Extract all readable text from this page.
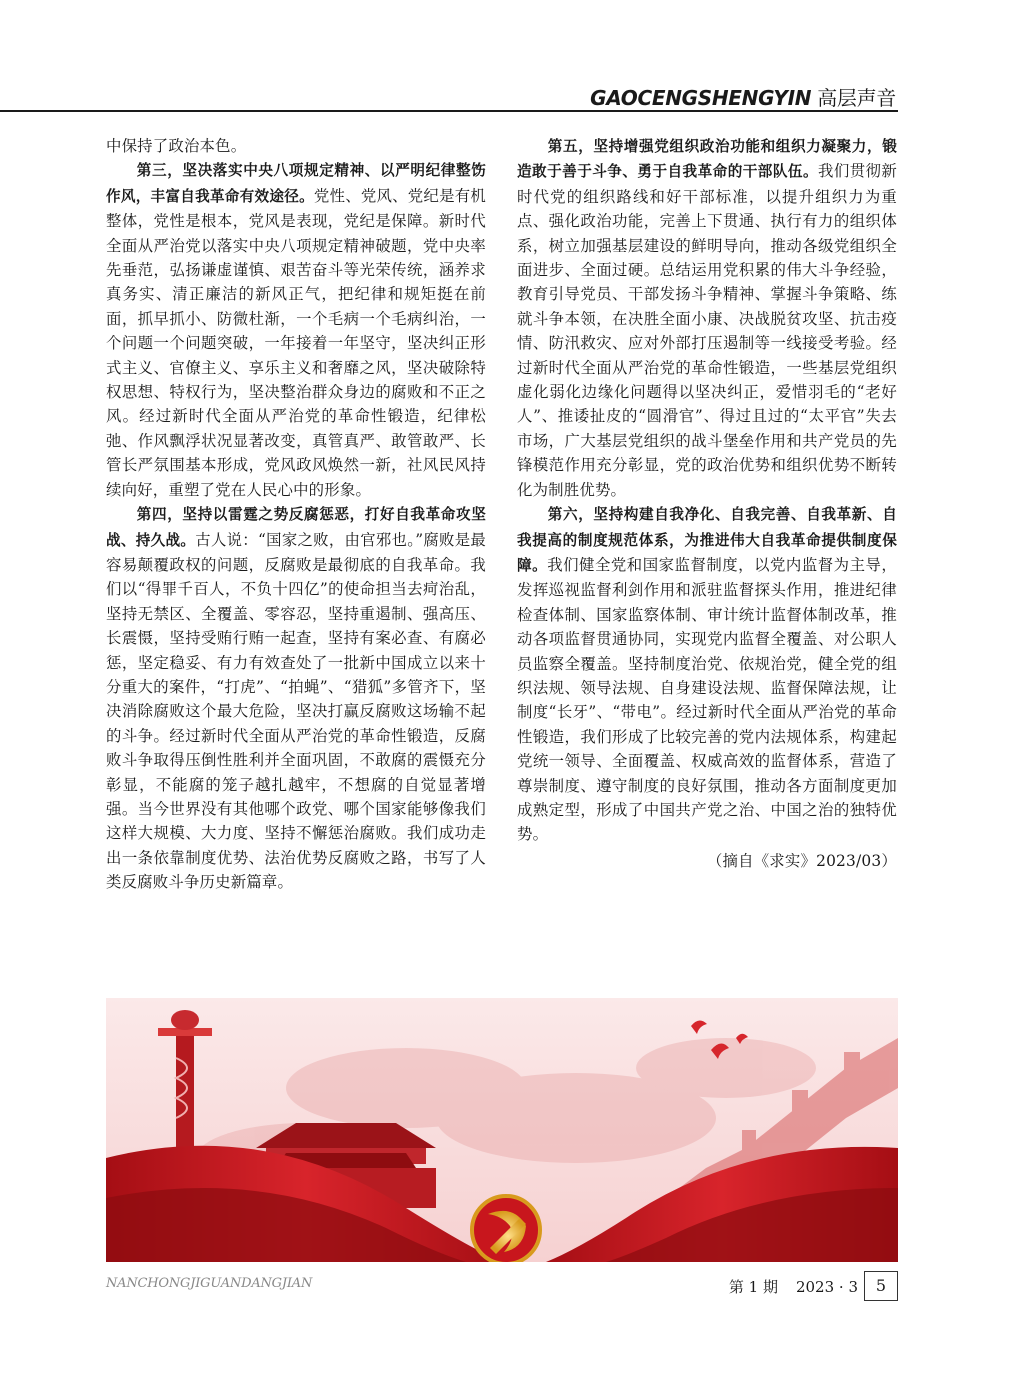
GAOCENGSHENGYIN 高层声音

中保持了政治本色。

第三，坚决落实中央八项规定精神、以严明纪律整饬作风，丰富自我革命有效途径。党性、党风、党纪是有机整体，党性是根本，党风是表现，党纪是保障。新时代全面从严治党以落实中央八项规定精神破题，党中央率先垂范，弘扬谦虚谨慎、艰苦奋斗等光荣传统，涵养求真务实、清正廉洁的新风正气，把纪律和规矩挺在前面，抓早抓小、防微杜渐，一个毛病一个毛病纠治，一个问题一个问题突破，一年接着一年坚守，坚决纠正形式主义、官僚主义、享乐主义和奢靡之风，坚决破除特权思想、特权行为，坚决整治群众身边的腐败和不正之风。经过新时代全面从严治党的革命性锻造，纪律松弛、作风飘浮状况显著改变，真管真严、敢管敢严、长管长严氛围基本形成，党风政风焕然一新，社风民风持续向好，重塑了党在人民心中的形象。

第四，坚持以雷霆之势反腐惩恶，打好自我革命攻坚战、持久战。古人说：“国家之败，由官邪也。”腐败是最容易颠覆政权的问题，反腐败是最彻底的自我革命。我们以“得罪千百人，不负十四亿”的使命担当去疴治乱，坚持无禁区、全覆盖、零容忍，坚持重遏制、强高压、长震慑，坚持受贿行贿一起查，坚持有案必查、有腐必惩，坚定稳妥、有力有效查处了一批新中国成立以来十分重大的案件，“打虎”、“拍蝇”、“猎狐”多管齐下，坚决消除腐败这个最大危险，坚决打赢反腐败这场输不起的斗争。经过新时代全面从严治党的革命性锻造，反腐败斗争取得压倒性胜利并全面巩固，不敢腐的震慑充分彰显，不能腐的笼子越扎越牢，不想腐的自觉显著增强。当今世界没有其他哪个政党、哪个国家能够像我们这样大规模、大力度、坚持不懈惩治腐败。我们成功走出一条依靠制度优势、法治优势反腐败之路，书写了人类反腐败斗争历史新篇章。

第五，坚持增强党组织政治功能和组织力凝聚力，锻造敢于善于斗争、勇于自我革命的干部队伍。我们贯彻新时代党的组织路线和好干部标准，以提升组织力为重点、强化政治功能，完善上下贯通、执行有力的组织体系，树立加强基层建设的鲜明导向，推动各级党组织全面进步、全面过硬。总结运用党积累的伟大斗争经验，教育引导党员、干部发扬斗争精神、掌握斗争策略、练就斗争本领，在决胜全面小康、决战脱贫攻坚、抗击疫情、防汛救灾、应对外部打压遏制等一线接受考验。经过新时代全面从严治党的革命性锻造，一些基层党组织虚化弱化边缘化问题得以坚决纠正，爱惜羽毛的“老好人”、推诿扯皮的“圆滑官”、得过且过的“太平官”失去市场，广大基层党组织的战斗堡垒作用和共产党员的先锋模范作用充分彰显，党的政治优势和组织优势不断转化为制胜优势。

第六，坚持构建自我净化、自我完善、自我革新、自我提高的制度规范体系，为推进伟大自我革命提供制度保障。我们健全党和国家监督制度，以党内监督为主导，发挥巡视监督利剑作用和派驻监督探头作用，推进纪律检查体制、国家监察体制、审计统计监督体制改革，推动各项监督贯通协同，实现党内监督全覆盖、对公职人员监察全覆盖。坚持制度治党、依规治党，健全党的组织法规、领导法规、自身建设法规、监督保障法规，让制度“长牙”、“带电”。经过新时代全面从严治党的革命性锻造，我们形成了比较完善的党内法规体系，构建起党统一领导、全面覆盖、权威高效的监督体系，营造了尊崇制度、遵守制度的良好氛围，推动各方面制度更加成熟定型，形成了中国共产党之治、中国之治的独特优势。

（摘自《求实》2023/03）

NANCHONGJIGUANDANGJIAN	第 1 期 2023 · 3	5
